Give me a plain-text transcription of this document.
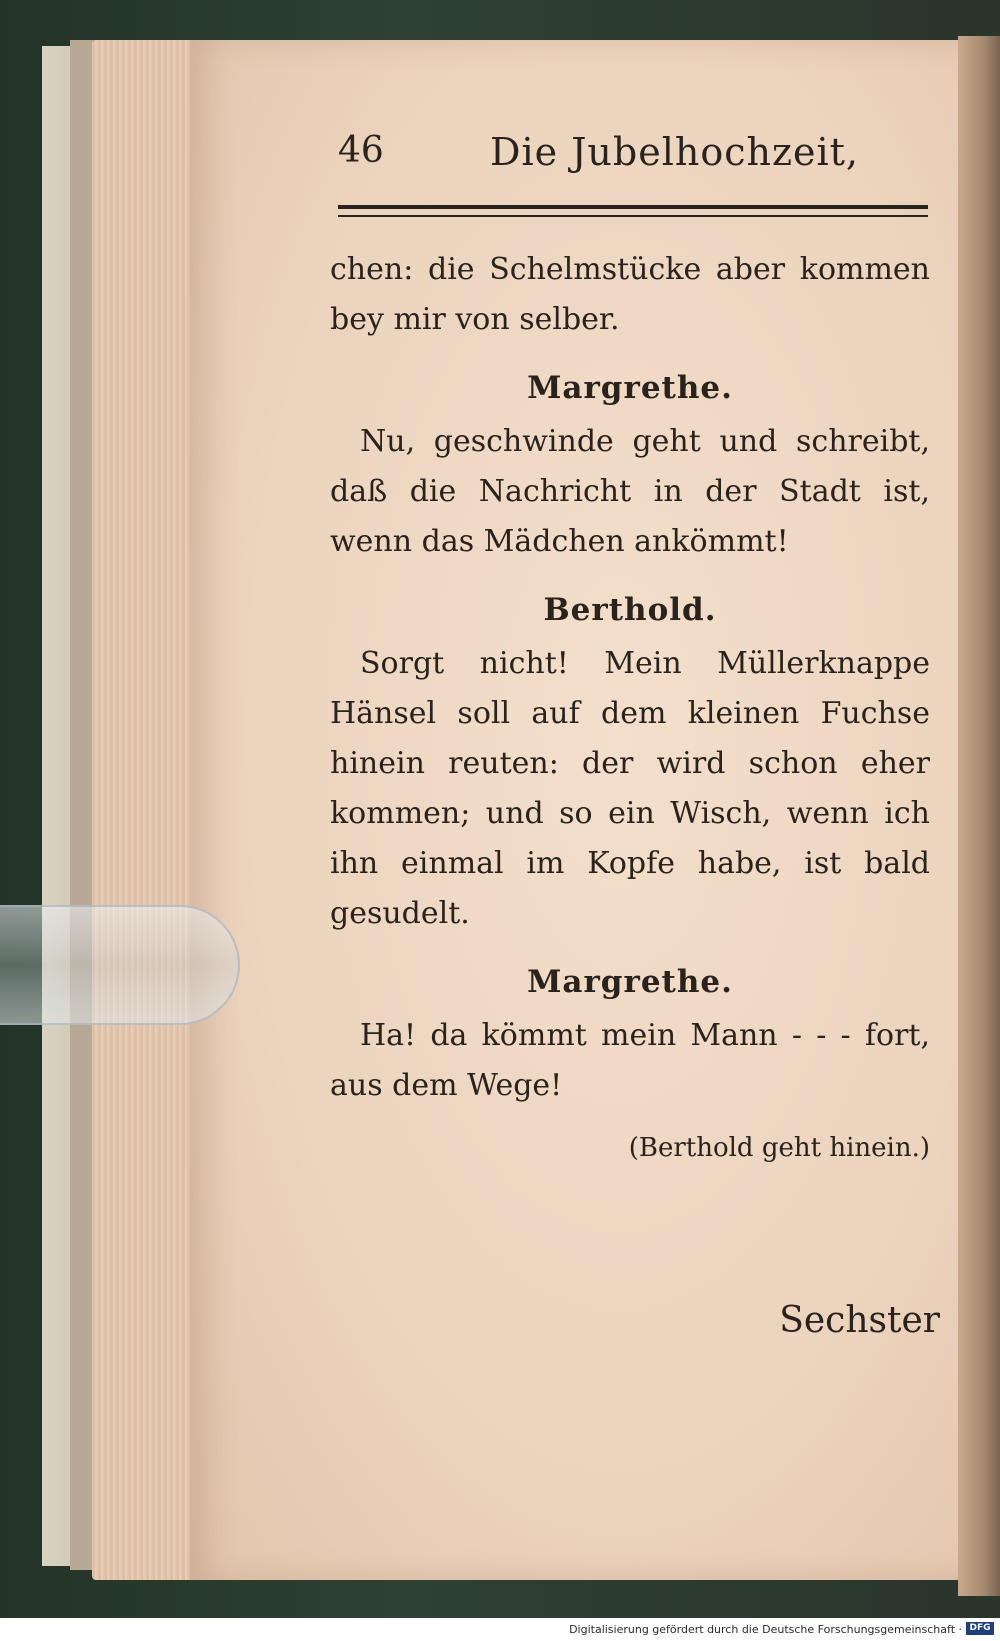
46	Die Jubelhochzeit,

chen: die Schelmstücke aber kommen bey mir von selber.

Margrethe.

Nu, geschwinde geht und schreibt, daß die Nachricht in der Stadt ist, wenn das Mädchen ankömmt!

Berthold.

Sorgt nicht! Mein Müllerknappe Hänsel soll auf dem kleinen Fuchse hinein reuten: der wird schon eher kommen; und so ein Wisch, wenn ich ihn einmal im Kopfe habe, ist bald gesudelt.

Margrethe.

Ha! da kömmt mein Mann - - - fort, aus dem Wege!

(Berthold geht hinein.)

Sechster
Digitalisierung gefördert durch die Deutsche Forschungsgemeinschaft · DFG
